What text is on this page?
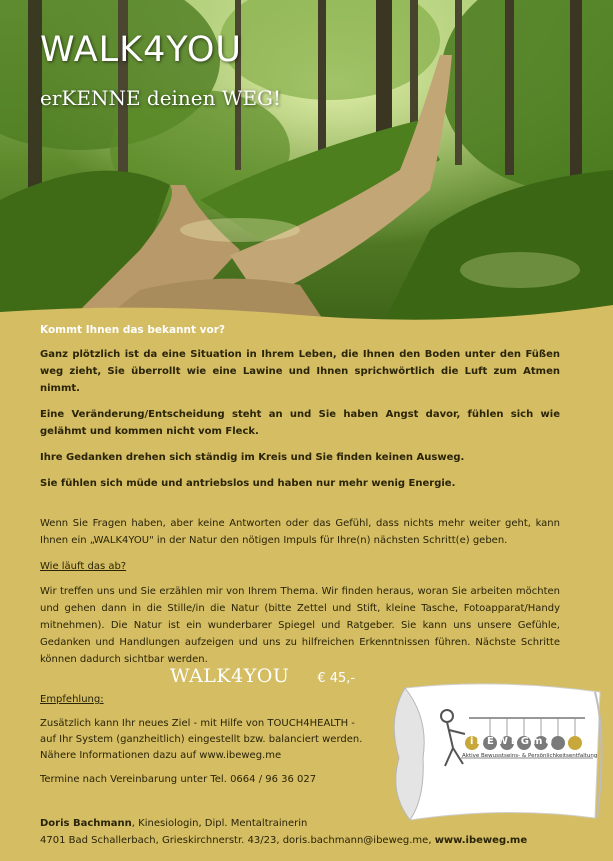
WALK4YOU
erKENNE deinen WEG!

Kommt Ihnen das bekannt vor?

Ganz plötzlich ist da eine Situation in Ihrem Leben, die Ihnen den Boden unter den Füßen weg zieht, Sie überrollt wie eine Lawine und Ihnen sprichwörtlich die Luft zum Atmen nimmt.

Eine Veränderung/Entscheidung steht an und Sie haben Angst davor, fühlen sich wie gelähmt und kommen nicht vom Fleck.

Ihre Gedanken drehen sich ständig im Kreis und Sie finden keinen Ausweg.

Sie fühlen sich müde und antriebslos und haben nur mehr wenig Energie.

Wenn Sie Fragen haben, aber keine Antworten oder das Gefühl, dass nichts mehr weiter geht, kann Ihnen ein „WALK4YOU" in der Natur den nötigen Impuls für Ihre(n) nächsten Schritt(e) geben.

Wie läuft das ab?

Wir treffen uns und Sie erzählen mir von Ihrem Thema. Wir finden heraus, woran Sie arbeiten möchten und gehen dann in die Stille/in die Natur (bitte Zettel und Stift, kleine Tasche, Fotoapparat/Handy mitnehmen). Die Natur ist ein wunderbarer Spiegel und Ratgeber. Sie kann uns unsere Gefühle, Gedanken und Handlungen aufzeigen und uns zu hilfreichen Erkenntnissen führen. Nächste Schritte können dadurch sichtbar werden.

WALK4YOU € 45,-

Empfehlung:

Zusätzlich kann Ihr neues Ziel - mit Hilfe von TOUCH4HEALTH - auf Ihr System (ganzheitlich) eingestellt bzw. balanciert werden. Nähere Informationen dazu auf www.ibeweg.me

Termine nach Vereinbarung unter Tel. 0664 / 96 36 027

iBEWEGme
Aktive Bewusstseins- & Persönlichkeitsentfaltung

Doris Bachmann, Kinesiologin, Dipl. Mentaltrainerin

4701 Bad Schallerbach, Grieskirchnerstr. 43/23, doris.bachmann@ibeweg.me, www.ibeweg.me
